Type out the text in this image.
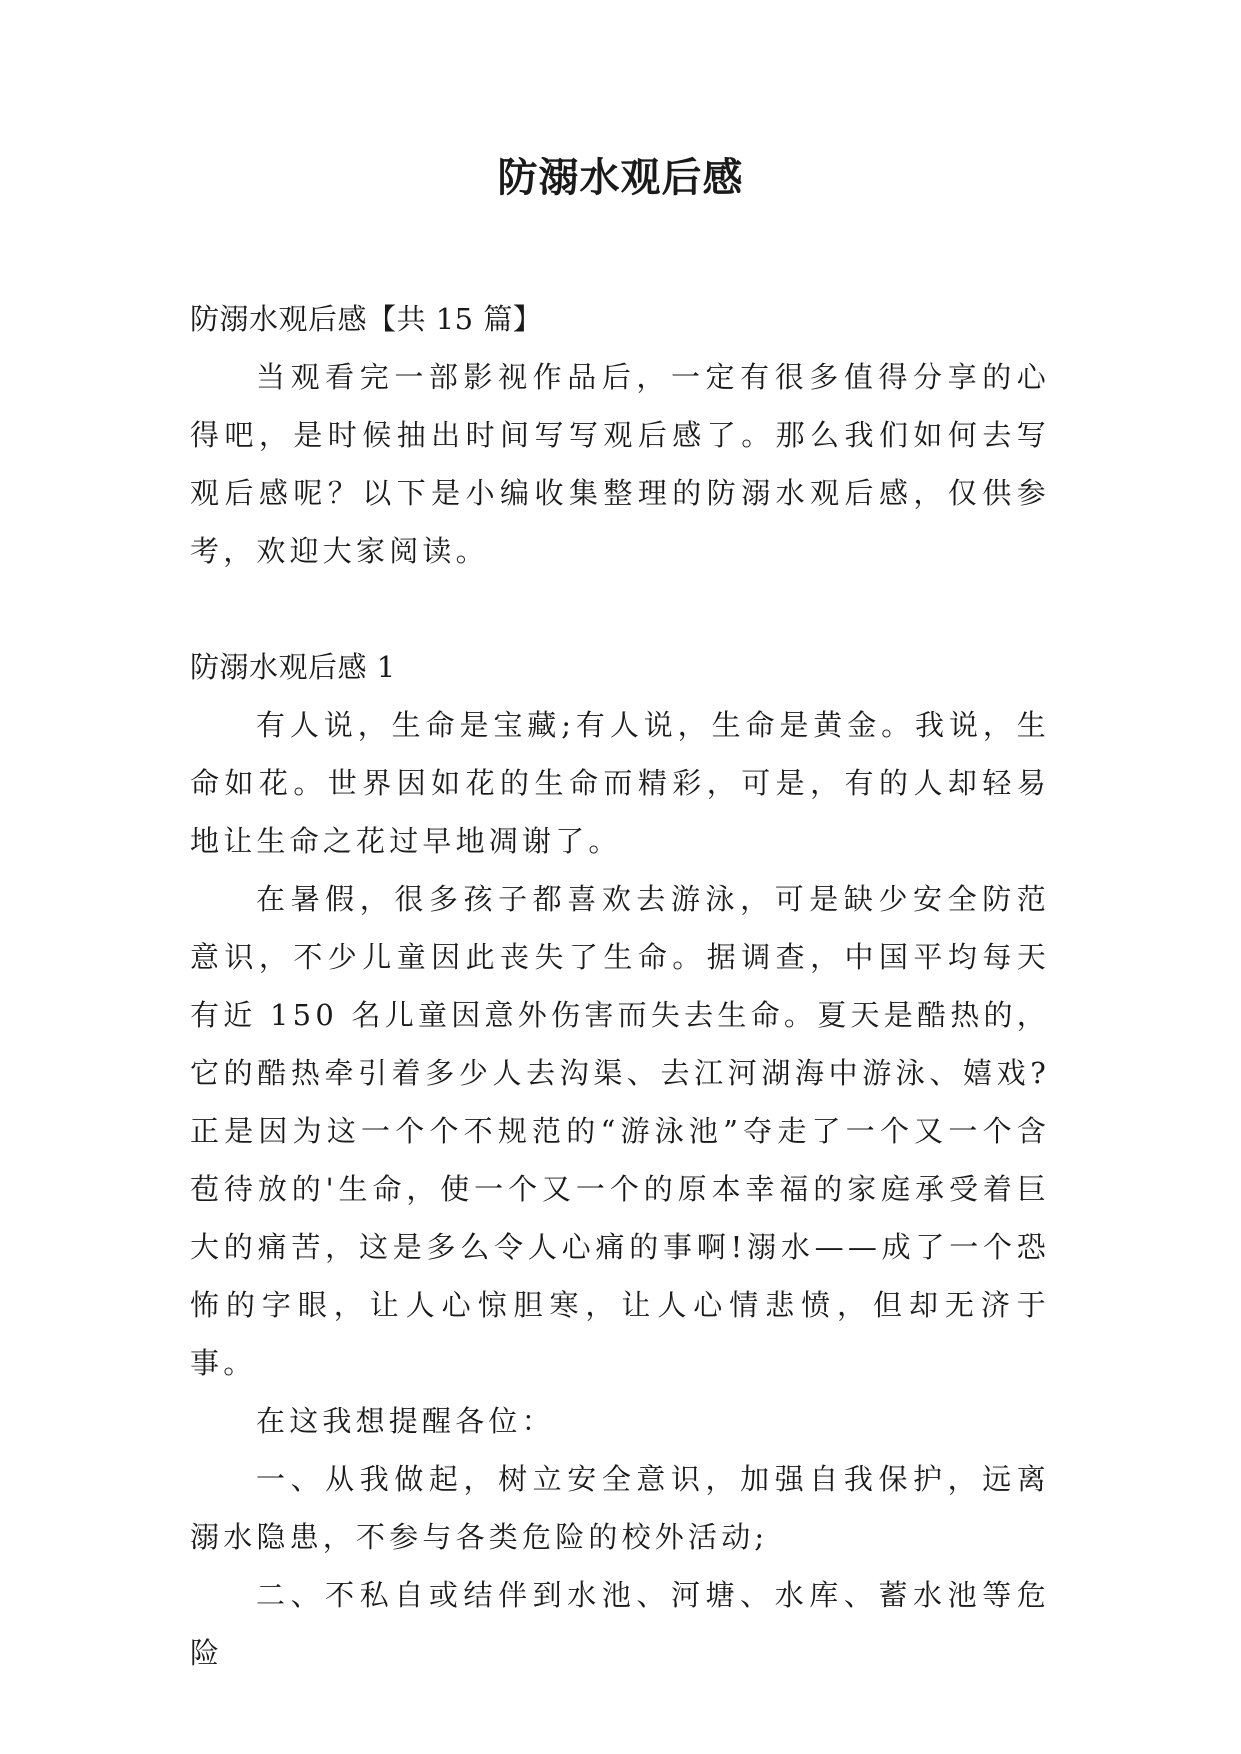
防溺水观后感

防溺水观后感【共 15 篇】

当观看完一部影视作品后，一定有很多值得分享的心得吧，是时候抽出时间写写观后感了。那么我们如何去写观后感呢？以下是小编收集整理的防溺水观后感，仅供参考，欢迎大家阅读。

防溺水观后感 1

有人说，生命是宝藏;有人说，生命是黄金。我说，生命如花。世界因如花的生命而精彩，可是，有的人却轻易地让生命之花过早地凋谢了。

在暑假，很多孩子都喜欢去游泳，可是缺少安全防范意识，不少儿童因此丧失了生命。据调查，中国平均每天有近 150 名儿童因意外伤害而失去生命。夏天是酷热的，它的酷热牵引着多少人去沟渠、去江河湖海中游泳、嬉戏?正是因为这一个个不规范的“游泳池”夺走了一个又一个含苞待放的'生命，使一个又一个的原本幸福的家庭承受着巨大的痛苦，这是多么令人心痛的事啊!溺水——成了一个恐怖的字眼，让人心惊胆寒，让人心情悲愤，但却无济于事。

在这我想提醒各位：

一、从我做起，树立安全意识，加强自我保护，远离溺水隐患，不参与各类危险的校外活动;

二、不私自或结伴到水池、河塘、水库、蓄水池等危险
